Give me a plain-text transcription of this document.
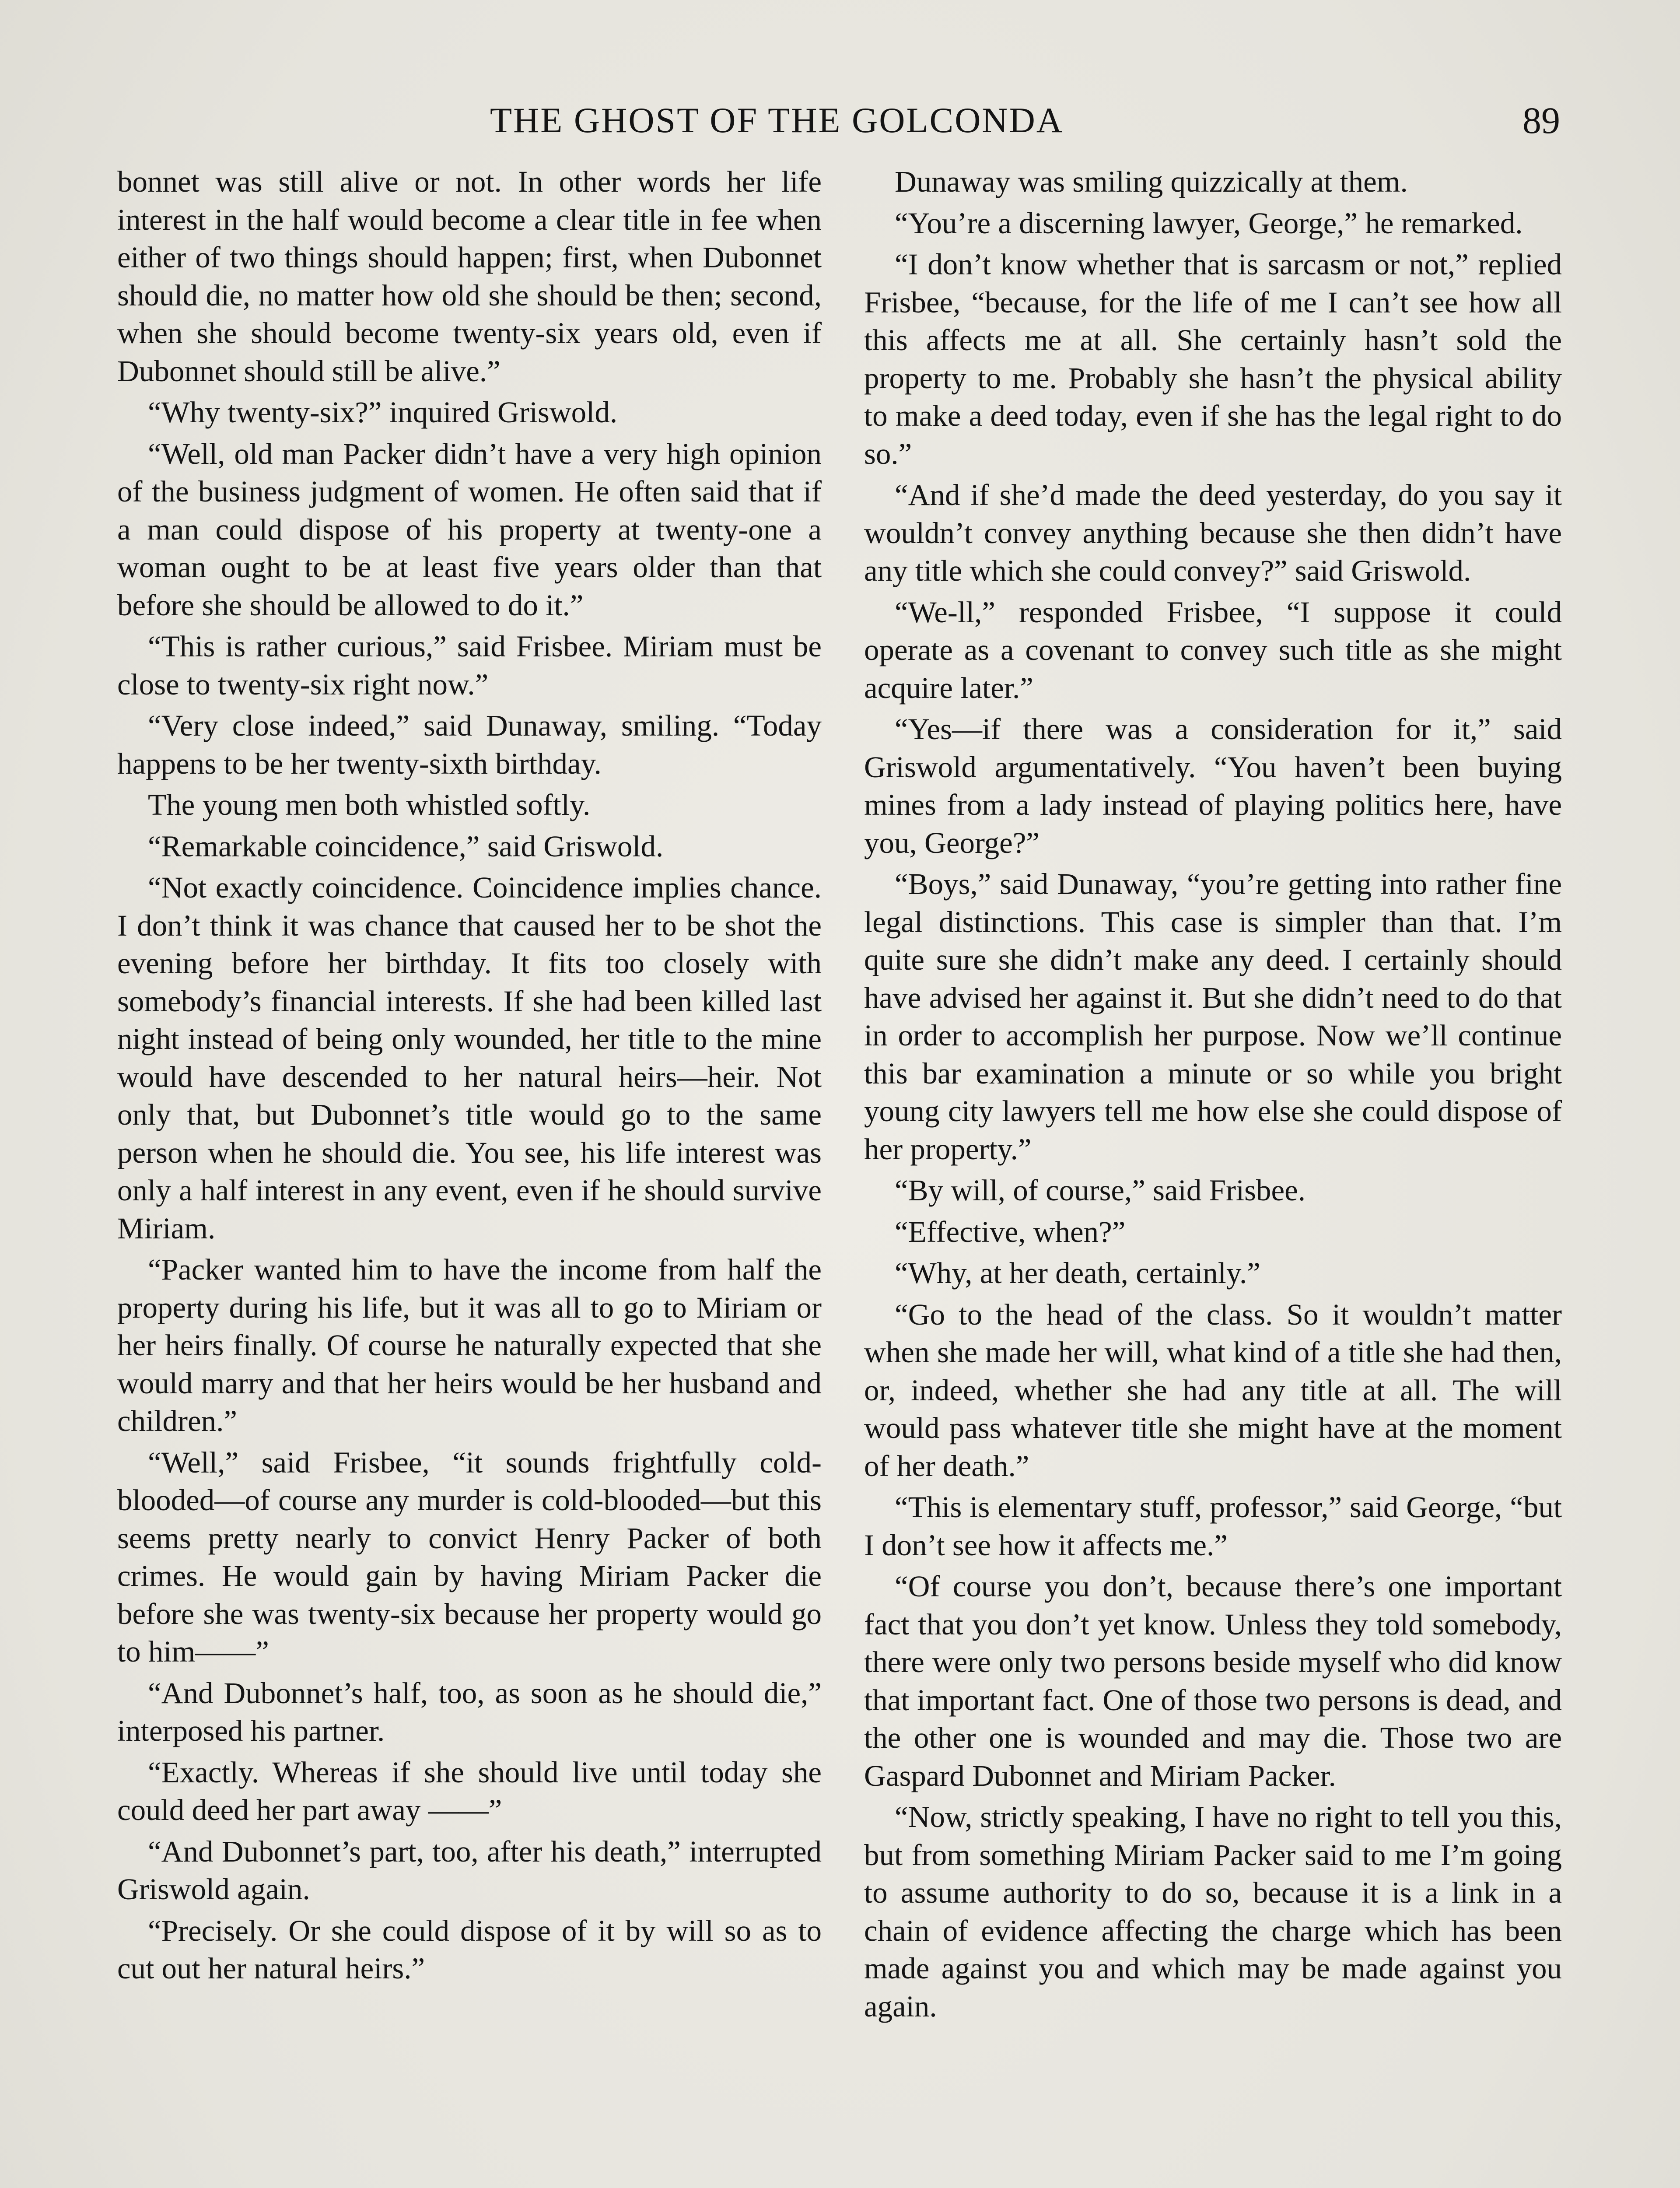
THE GHOST OF THE GOLCONDA	89

bonnet was still alive or not. In other words her life interest in the half would become a clear title in fee when either of two things should happen; first, when Dubonnet should die, no matter how old she should be then; second, when she should become twenty-six years old, even if Dubonnet should still be alive.”

“Why twenty-six?” inquired Griswold.

“Well, old man Packer didn’t have a very high opinion of the business judgment of women. He often said that if a man could dispose of his property at twenty-one a woman ought to be at least five years older than that before she should be allowed to do it.”

“This is rather curious,” said Frisbee. Miriam must be close to twenty-six right now.”

“Very close indeed,” said Dunaway, smiling. “Today happens to be her twenty-sixth birthday.

The young men both whistled softly.

“Remarkable coincidence,” said Griswold.

“Not exactly coincidence. Coincidence implies chance. I don’t think it was chance that caused her to be shot the evening before her birthday. It fits too closely with somebody’s financial interests. If she had been killed last night instead of being only wounded, her title to the mine would have descended to her natural heirs—heir. Not only that, but Dubonnet’s title would go to the same person when he should die. You see, his life interest was only a half interest in any event, even if he should survive Miriam.

“Packer wanted him to have the income from half the property during his life, but it was all to go to Miriam or her heirs finally. Of course he naturally expected that she would marry and that her heirs would be her husband and children.”

“Well,” said Frisbee, “it sounds frightfully cold-blooded—of course any murder is cold-blooded—but this seems pretty nearly to convict Henry Packer of both crimes. He would gain by having Miriam Packer die before she was twenty-six because her property would go to him——”

“And Dubonnet’s half, too, as soon as he should die,” interposed his partner.

“Exactly. Whereas if she should live until today she could deed her part away ——”

“And Dubonnet’s part, too, after his death,” interrupted Griswold again.

“Precisely. Or she could dispose of it by will so as to cut out her natural heirs.”

Dunaway was smiling quizzically at them.

“You’re a discerning lawyer, George,” he remarked.

“I don’t know whether that is sarcasm or not,” replied Frisbee, “because, for the life of me I can’t see how all this affects me at all. She certainly hasn’t sold the property to me. Probably she hasn’t the physical ability to make a deed today, even if she has the legal right to do so.”

“And if she’d made the deed yesterday, do you say it wouldn’t convey anything because she then didn’t have any title which she could convey?” said Griswold.

“We-ll,” responded Frisbee, “I suppose it could operate as a covenant to convey such title as she might acquire later.”

“Yes—if there was a consideration for it,” said Griswold argumentatively. “You haven’t been buying mines from a lady instead of playing politics here, have you, George?”

“Boys,” said Dunaway, “you’re getting into rather fine legal distinctions. This case is simpler than that. I’m quite sure she didn’t make any deed. I certainly should have advised her against it. But she didn’t need to do that in order to accomplish her purpose. Now we’ll continue this bar examination a minute or so while you bright young city lawyers tell me how else she could dispose of her property.”

“By will, of course,” said Frisbee.

“Effective, when?”

“Why, at her death, certainly.”

“Go to the head of the class. So it wouldn’t matter when she made her will, what kind of a title she had then, or, indeed, whether she had any title at all. The will would pass whatever title she might have at the moment of her death.”

“This is elementary stuff, professor,” said George, “but I don’t see how it affects me.”

“Of course you don’t, because there’s one important fact that you don’t yet know. Unless they told somebody, there were only two persons beside myself who did know that important fact. One of those two persons is dead, and the other one is wounded and may die. Those two are Gaspard Dubonnet and Miriam Packer.

“Now, strictly speaking, I have no right to tell you this, but from something Miriam Packer said to me I’m going to assume authority to do so, because it is a link in a chain of evidence affecting the charge which has been made against you and which may be made against you again.
